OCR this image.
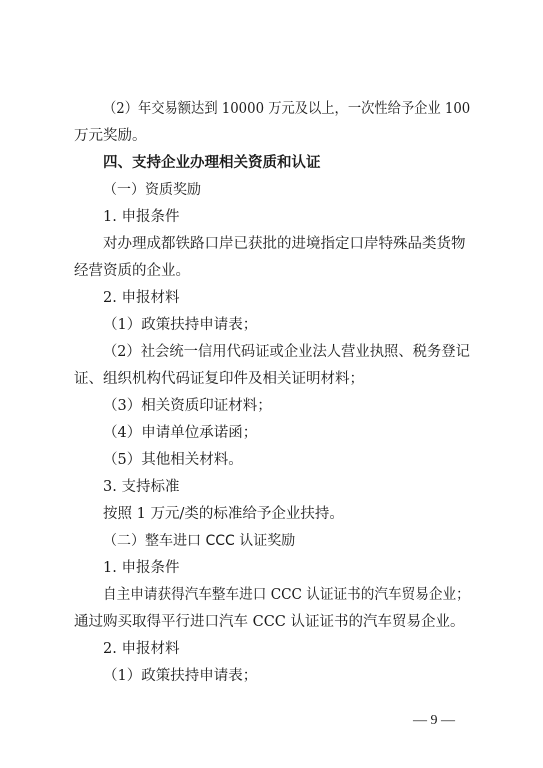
（2）年交易额达到 10000 万元及以上，一次性给予企业 100
万元奖励。
四、支持企业办理相关资质和认证
（一）资质奖励
1. 申报条件
对办理成都铁路口岸已获批的进境指定口岸特殊品类货物
经营资质的企业。
2. 申报材料
（1）政策扶持申请表；
（2）社会统一信用代码证或企业法人营业执照、税务登记
证、组织机构代码证复印件及相关证明材料；
（3）相关资质印证材料；
（4）申请单位承诺函；
（5）其他相关材料。
3. 支持标准
按照 1 万元/类的标准给予企业扶持。
（二）整车进口 CCC 认证奖励
1. 申报条件
自主申请获得汽车整车进口 CCC 认证证书的汽车贸易企业；
通过购买取得平行进口汽车 CCC 认证证书的汽车贸易企业。
2. 申报材料
（1）政策扶持申请表；
— 9 —
